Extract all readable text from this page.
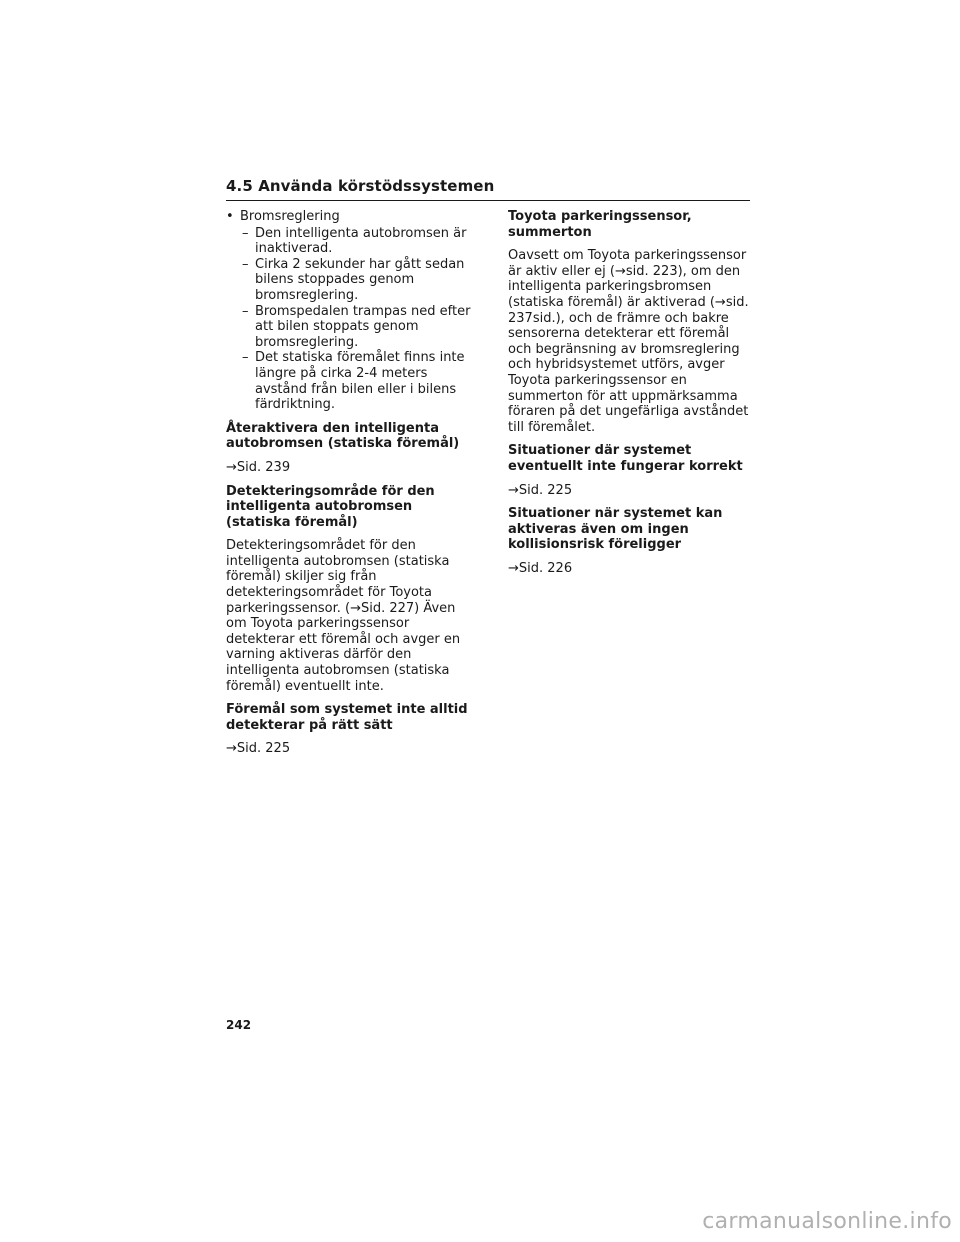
4.5 Använda körstödssystemen
• Bromsreglering
– Den intelligenta autobromsen är inaktiverad.
– Cirka 2 sekunder har gått sedan bilens stoppades genom bromsreglering.
– Bromspedalen trampas ned efter att bilen stoppats genom bromsreglering.
– Det statiska föremålet finns inte längre på cirka 2-4 meters avstånd från bilen eller i bilens färdriktning.
Återaktivera den intelligenta autobromsen (statiska föremål)

→Sid. 239

Detekteringsområde för den intelligenta autobromsen (statiska föremål)

Detekteringsområdet för den intelligenta autobromsen (statiska föremål) skiljer sig från detekteringsområdet för Toyota parkeringssensor. (→Sid. 227) Även om Toyota parkeringssensor detekterar ett föremål och avger en varning aktiveras därför den intelligenta autobromsen (statiska föremål) eventuellt inte.

Föremål som systemet inte alltid detekterar på rätt sätt

→Sid. 225

Toyota parkeringssensor, summerton

Oavsett om Toyota parkeringssensor är aktiv eller ej (→sid. 223), om den intelligenta parkeringsbromsen (statiska föremål) är aktiverad (→sid. 237sid.), och de främre och bakre sensorerna detekterar ett föremål och begränsning av bromsreglering och hybridsystemet utförs, avger Toyota parkeringssensor en summerton för att uppmärksamma föraren på det ungefärliga avståndet till föremålet.

Situationer där systemet eventuellt inte fungerar korrekt

→Sid. 225

Situationer när systemet kan aktiveras även om ingen kollisionsrisk föreligger

→Sid. 226

242
carmanualsonline.info
